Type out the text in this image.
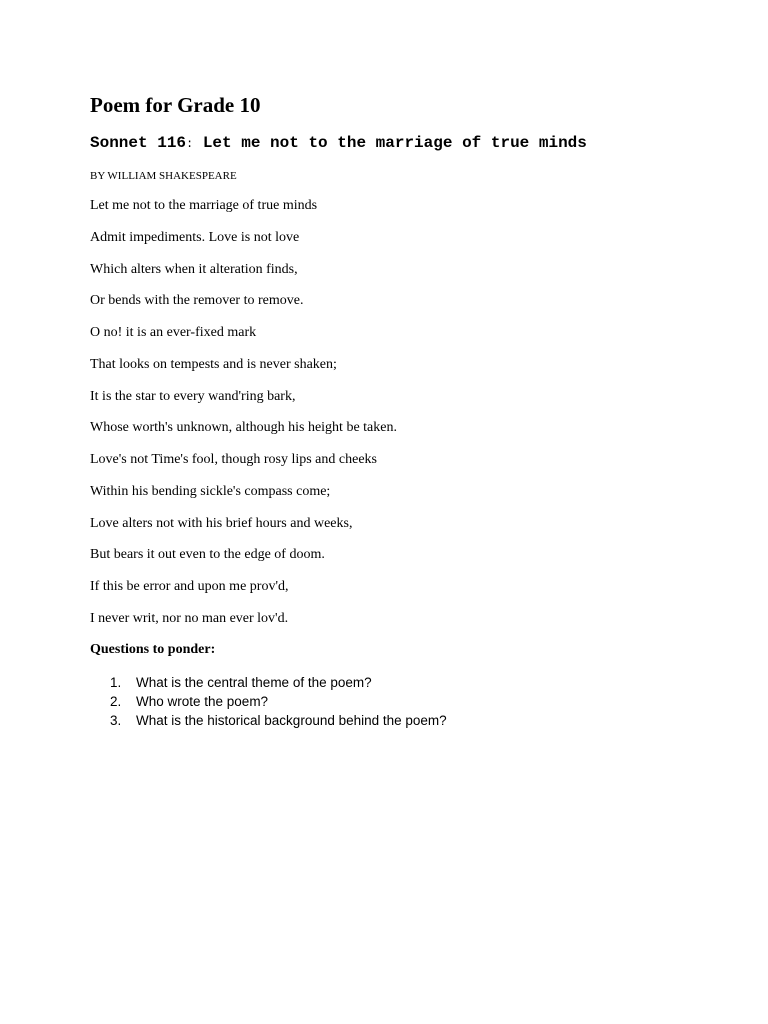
Poem for Grade 10
Sonnet 116: Let me not to the marriage of true minds

BY WILLIAM SHAKESPEARE

Let me not to the marriage of true minds
Admit impediments. Love is not love
Which alters when it alteration finds,
Or bends with the remover to remove.
O no! it is an ever-fixed mark
That looks on tempests and is never shaken;
It is the star to every wand'ring bark,
Whose worth's unknown, although his height be taken.
Love's not Time's fool, though rosy lips and cheeks
Within his bending sickle's compass come;
Love alters not with his brief hours and weeks,
But bears it out even to the edge of doom.
If this be error and upon me prov'd,
I never writ, nor no man ever lov'd.

Questions to ponder:

1. What is the central theme of the poem?
2. Who wrote the poem?
3. What is the historical background behind the poem?
